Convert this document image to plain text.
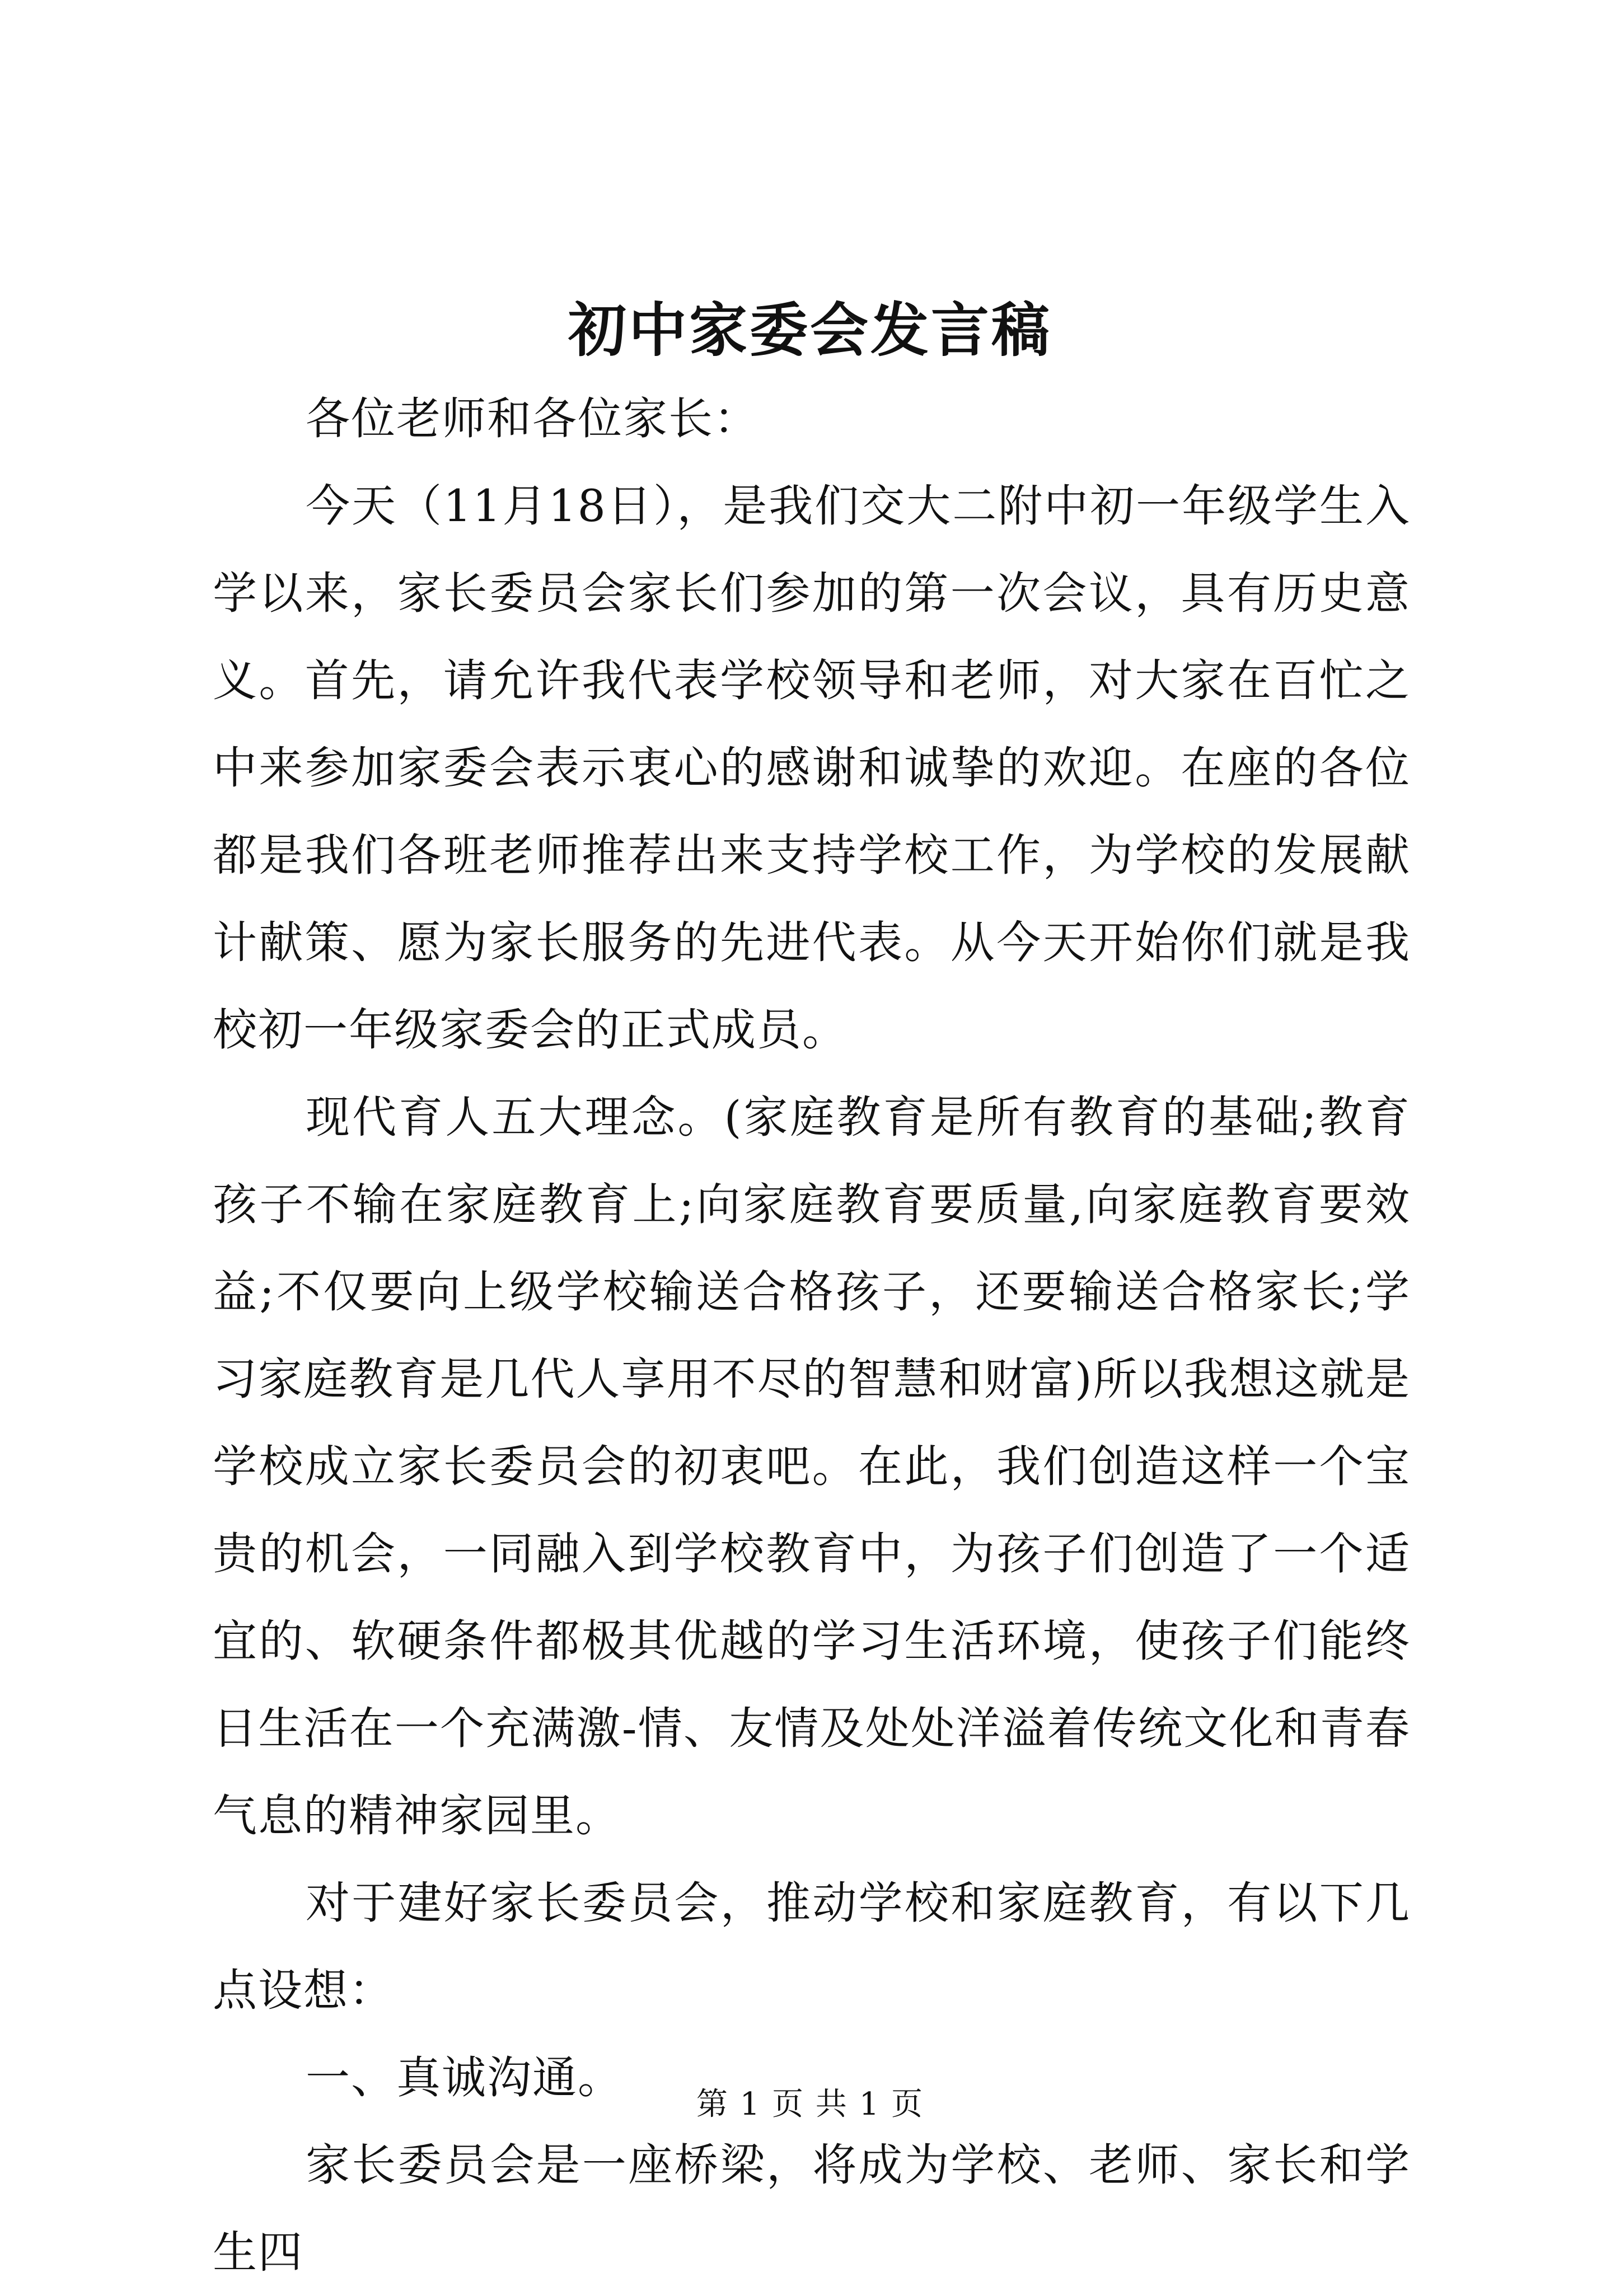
初中家委会发言稿

各位老师和各位家长：

今天（11月18日），是我们交大二附中初一年级学生入学以来，家长委员会家长们参加的第一次会议，具有历史意义。首先，请允许我代表学校领导和老师，对大家在百忙之中来参加家委会表示衷心的感谢和诚挚的欢迎。在座的各位都是我们各班老师推荐出来支持学校工作，为学校的发展献计献策、愿为家长服务的先进代表。从今天开始你们就是我校初一年级家委会的正式成员。

现代育人五大理念。(家庭教育是所有教育的基础;教育孩子不输在家庭教育上;向家庭教育要质量,向家庭教育要效益;不仅要向上级学校输送合格孩子，还要输送合格家长;学习家庭教育是几代人享用不尽的智慧和财富)所以我想这就是学校成立家长委员会的初衷吧。在此，我们创造这样一个宝贵的机会，一同融入到学校教育中，为孩子们创造了一个适宜的、软硬条件都极其优越的学习生活环境，使孩子们能终日生活在一个充满激-情、友情及处处洋溢着传统文化和青春气息的精神家园里。

对于建好家长委员会，推动学校和家庭教育，有以下几点设想：

一、真诚沟通。

家长委员会是一座桥梁，将成为学校、老师、家长和学生四

第 1 页 共 1 页
